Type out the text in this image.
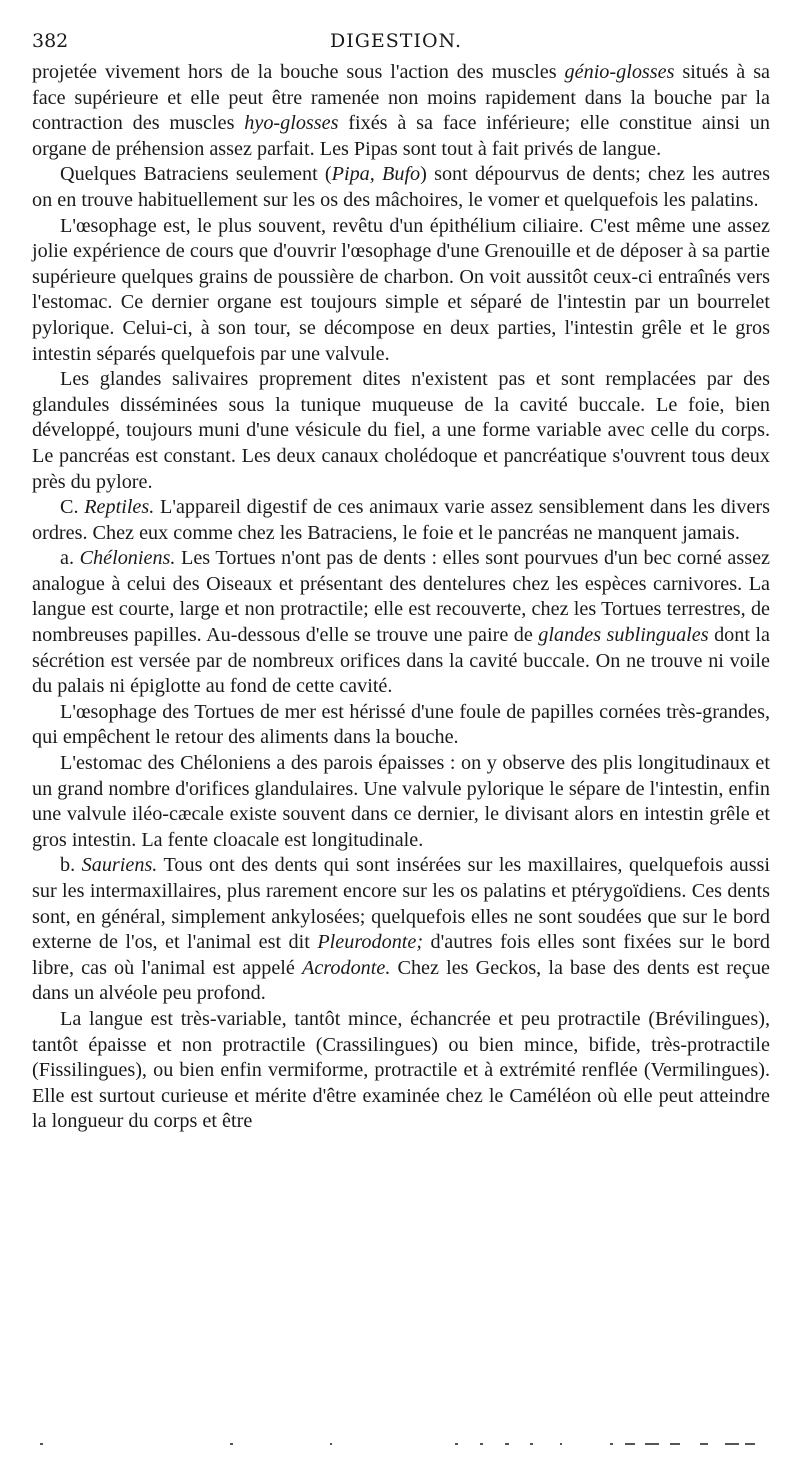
382	DIGESTION.

projetée vivement hors de la bouche sous l'action des muscles génio-glosses situés à sa face supérieure et elle peut être ramenée non moins rapidement dans la bouche par la contraction des muscles hyo-glosses fixés à sa face inférieure; elle constitue ainsi un organe de préhension assez parfait. Les Pipas sont tout à fait privés de langue.

Quelques Batraciens seulement (Pipa, Bufo) sont dépourvus de dents; chez les autres on en trouve habituellement sur les os des mâchoires, le vomer et quelquefois les palatins.

L'œsophage est, le plus souvent, revêtu d'un épithélium ciliaire. C'est même une assez jolie expérience de cours que d'ouvrir l'œsophage d'une Grenouille et de déposer à sa partie supérieure quelques grains de poussière de charbon. On voit aussitôt ceux-ci entraînés vers l'estomac. Ce dernier organe est toujours simple et séparé de l'intestin par un bourrelet pylorique. Celui-ci, à son tour, se décompose en deux parties, l'intestin grêle et le gros intestin séparés quelquefois par une valvule.

Les glandes salivaires proprement dites n'existent pas et sont remplacées par des glandules disséminées sous la tunique muqueuse de la cavité buccale. Le foie, bien développé, toujours muni d'une vésicule du fiel, a une forme variable avec celle du corps. Le pancréas est constant. Les deux canaux cholédoque et pancréatique s'ouvrent tous deux près du pylore.

C. Reptiles. L'appareil digestif de ces animaux varie assez sensiblement dans les divers ordres. Chez eux comme chez les Batraciens, le foie et le pancréas ne manquent jamais.

a. Chéloniens. Les Tortues n'ont pas de dents : elles sont pourvues d'un bec corné assez analogue à celui des Oiseaux et présentant des dentelures chez les espèces carnivores. La langue est courte, large et non protractile; elle est recouverte, chez les Tortues terrestres, de nombreuses papilles. Au-dessous d'elle se trouve une paire de glandes sublinguales dont la sécrétion est versée par de nombreux orifices dans la cavité buccale. On ne trouve ni voile du palais ni épiglotte au fond de cette cavité.

L'œsophage des Tortues de mer est hérissé d'une foule de papilles cornées très-grandes, qui empêchent le retour des aliments dans la bouche.

L'estomac des Chéloniens a des parois épaisses : on y observe des plis longitudinaux et un grand nombre d'orifices glandulaires. Une valvule pylorique le sépare de l'intestin, enfin une valvule iléo-cæcale existe souvent dans ce dernier, le divisant alors en intestin grêle et gros intestin. La fente cloacale est longitudinale.

b. Sauriens. Tous ont des dents qui sont insérées sur les maxillaires, quelquefois aussi sur les intermaxillaires, plus rarement encore sur les os palatins et ptérygoïdiens. Ces dents sont, en général, simplement ankylosées; quelquefois elles ne sont soudées que sur le bord externe de l'os, et l'animal est dit Pleurodonte; d'autres fois elles sont fixées sur le bord libre, cas où l'animal est appelé Acrodonte. Chez les Geckos, la base des dents est reçue dans un alvéole peu profond.

La langue est très-variable, tantôt mince, échancrée et peu protractile (Brévilingues), tantôt épaisse et non protractile (Crassilingues) ou bien mince, bifide, très-protractile (Fissilingues), ou bien enfin vermiforme, protractile et à extrémité renflée (Vermilingues). Elle est surtout curieuse et mérite d'être examinée chez le Caméléon où elle peut atteindre la longueur du corps et être
